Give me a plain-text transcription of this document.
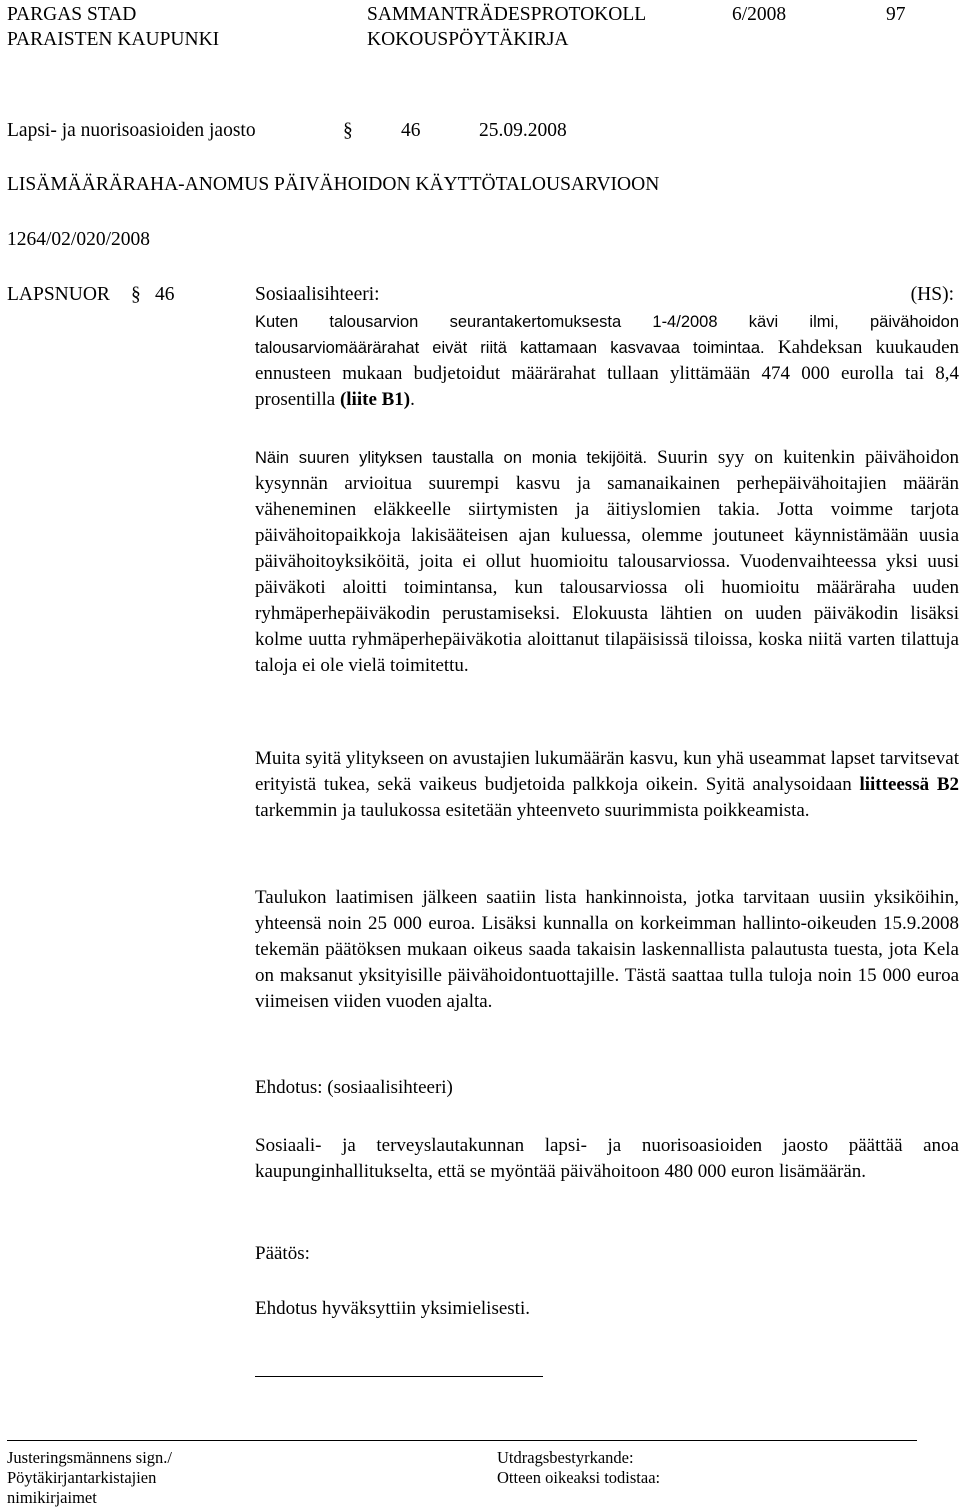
PARGAS STAD
PARAISTEN KAUPUNKI
SAMMANTRÄDESPROTOKOLL
KOKOUSPÖYTÄKIRJA
6/2008	97
Lapsi- ja nuorisoasioiden jaosto	§ 46	25.09.2008
LISÄMÄÄRÄRAHA-ANOMUS PÄIVÄHOIDON KÄYTTÖTALOUSARVIOON
1264/02/020/2008
LAPSNUOR § 46	Sosiaalisihteeri:	(HS):

Kuten talousarvion seurantakertomuksesta 1-4/2008 kävi ilmi, päivähoidon talousarviomäärärahat eivät riitä kattamaan kasvavaa toimintaa. Kahdeksan kuukauden ennusteen mukaan budjetoidut määrärahat tullaan ylittämään 474 000 eurolla tai 8,4 prosentilla (liite B1).

Näin suuren ylityksen taustalla on monia tekijöitä. Suurin syy on kuitenkin päivähoidon kysynnän arvioitua suurempi kasvu ja samanaikainen perhepäivähoitajien määrän väheneminen eläkkeelle siirtymisten ja äitiyslomien takia. Jotta voimme tarjota päivähoitopaikkoja lakisääteisen ajan kuluessa, olemme joutuneet käynnistämään uusia päivähoitoyksiköitä, joita ei ollut huomioitu talousarviossa. Vuodenvaihteessa yksi uusi päiväkoti aloitti toimintansa, kun talousarviossa oli huomioitu määräraha uuden ryhmäperhepäiväkodin perustamiseksi. Elokuusta lähtien on uuden päiväkodin lisäksi kolme uutta ryhmäperhepäiväkotia aloittanut tilapäisissä tiloissa, koska niitä varten tilattuja taloja ei ole vielä toimitettu.

Muita syitä ylitykseen on avustajien lukumäärän kasvu, kun yhä useammat lapset tarvitsevat erityistä tukea, sekä vaikeus budjetoida palkkoja oikein. Syitä analysoidaan liitteessä B2 tarkemmin ja taulukossa esitetään yhteenveto suurimmista poikkeamista.

Taulukon laatimisen jälkeen saatiin lista hankinnoista, jotka tarvitaan uusiin yksiköihin, yhteensä noin 25 000 euroa. Lisäksi kunnalla on korkeimman hallinto-oikeuden 15.9.2008 tekemän päätöksen mukaan oikeus saada takaisin laskennallista palautusta tuesta, jota Kela on maksanut yksityisille päivähoidontuottajille. Tästä saattaa tulla tuloja noin 15 000 euroa viimeisen viiden vuoden ajalta.

Ehdotus: (sosiaalisihteeri)

Sosiaali- ja terveyslautakunnan lapsi- ja nuorisoasioiden jaosto päättää anoa kaupunginhallitukselta, että se myöntää päivähoitoon 480 000 euron lisämäärän.

Päätös:
Ehdotus hyväksyttiin yksimielisesti.
Justeringsmännens sign./
Pöytäkirjantarkistajien
nimikirjaimet
Utdragsbestyrkande:
Otteen oikeaksi todistaa:
